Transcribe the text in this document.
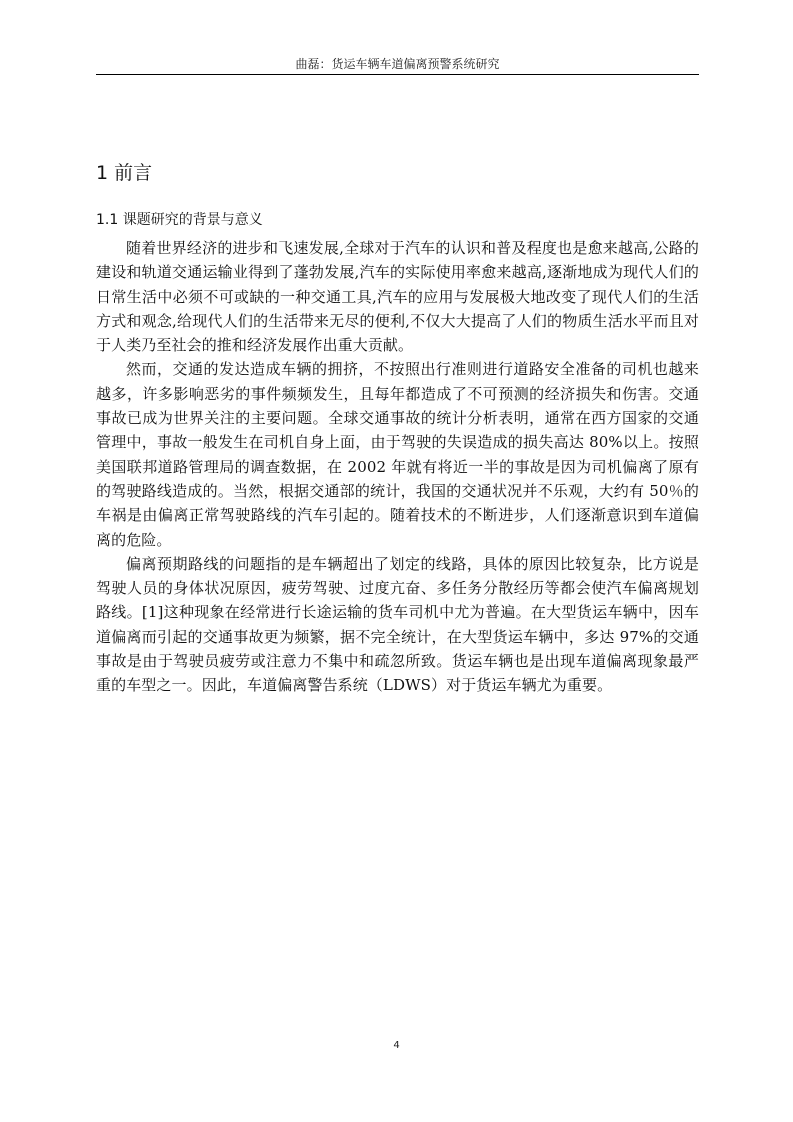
曲磊：货运车辆车道偏离预警系统研究
1 前言
1.1 课题研究的背景与意义

随着世界经济的进步和飞速发展,全球对于汽车的认识和普及程度也是愈来越高,公路的建设和轨道交通运输业得到了蓬勃发展,汽车的实际使用率愈来越高,逐渐地成为现代人们的日常生活中必须不可或缺的一种交通工具,汽车的应用与发展极大地改变了现代人们的生活方式和观念,给现代人们的生活带来无尽的便利,不仅大大提高了人们的物质生活水平而且对于人类乃至社会的推和经济发展作出重大贡献。

然而，交通的发达造成车辆的拥挤，不按照出行准则进行道路安全准备的司机也越来越多，许多影响恶劣的事件频频发生，且每年都造成了不可预测的经济损失和伤害。交通事故已成为世界关注的主要问题。全球交通事故的统计分析表明，通常在西方国家的交通管理中，事故一般发生在司机自身上面，由于驾驶的失误造成的损失高达 80%以上。按照美国联邦道路管理局的调查数据，在 2002 年就有将近一半的事故是因为司机偏离了原有的驾驶路线造成的。当然，根据交通部的统计，我国的交通状况并不乐观，大约有 50％的车祸是由偏离正常驾驶路线的汽车引起的。随着技术的不断进步，人们逐渐意识到车道偏离的危险。

偏离预期路线的问题指的是车辆超出了划定的线路，具体的原因比较复杂，比方说是驾驶人员的身体状况原因，疲劳驾驶、过度亢奋、多任务分散经历等都会使汽车偏离规划路线。[1]这种现象在经常进行长途运输的货车司机中尤为普遍。在大型货运车辆中，因车道偏离而引起的交通事故更为频繁，据不完全统计，在大型货运车辆中，多达 97%的交通事故是由于驾驶员疲劳或注意力不集中和疏忽所致。货运车辆也是出现车道偏离现象最严重的车型之一。因此，车道偏离警告系统（LDWS）对于货运车辆尤为重要。

4
